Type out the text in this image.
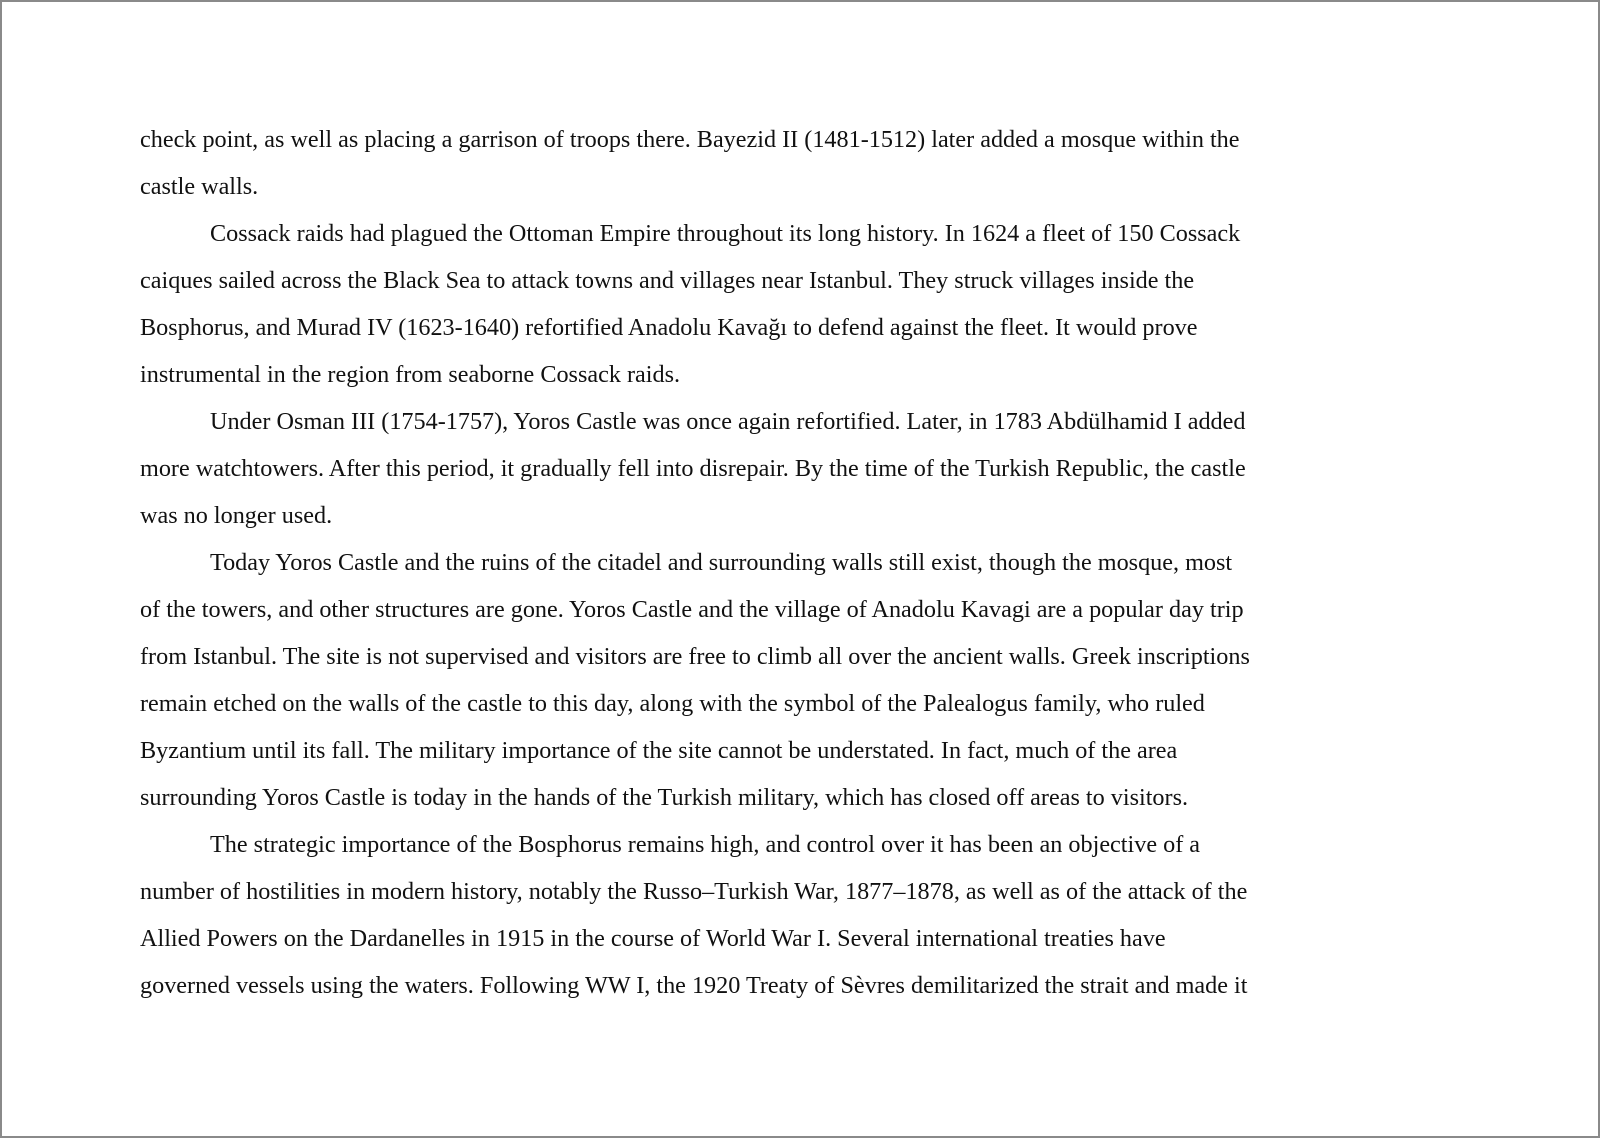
check point, as well as placing a garrison of troops there. Bayezid II (1481-1512) later added a mosque within the
castle walls.
Cossack raids had plagued the Ottoman Empire throughout its long history. In 1624 a fleet of 150 Cossack
caiques sailed across the Black Sea to attack towns and villages near Istanbul. They struck villages inside the
Bosphorus, and Murad IV (1623-1640) refortified Anadolu Kavağı to defend against the fleet. It would prove
instrumental in the region from seaborne Cossack raids.
Under Osman III (1754-1757), Yoros Castle was once again refortified. Later, in 1783 Abdülhamid I added
more watchtowers. After this period, it gradually fell into disrepair. By the time of the Turkish Republic, the castle
was no longer used.
Today Yoros Castle and the ruins of the citadel and surrounding walls still exist, though the mosque, most
of the towers, and other structures are gone. Yoros Castle and the village of Anadolu Kavagi are a popular day trip
from Istanbul. The site is not supervised and visitors are free to climb all over the ancient walls. Greek inscriptions
remain etched on the walls of the castle to this day, along with the symbol of the Palealogus family, who ruled
Byzantium until its fall. The military importance of the site cannot be understated. In fact, much of the area
surrounding Yoros Castle is today in the hands of the Turkish military, which has closed off areas to visitors.
The strategic importance of the Bosphorus remains high, and control over it has been an objective of a
number of hostilities in modern history, notably the Russo–Turkish War, 1877–1878, as well as of the attack of the
Allied Powers on the Dardanelles in 1915 in the course of World War I. Several international treaties have
governed vessels using the waters. Following WW I, the 1920 Treaty of Sèvres demilitarized the strait and made it
